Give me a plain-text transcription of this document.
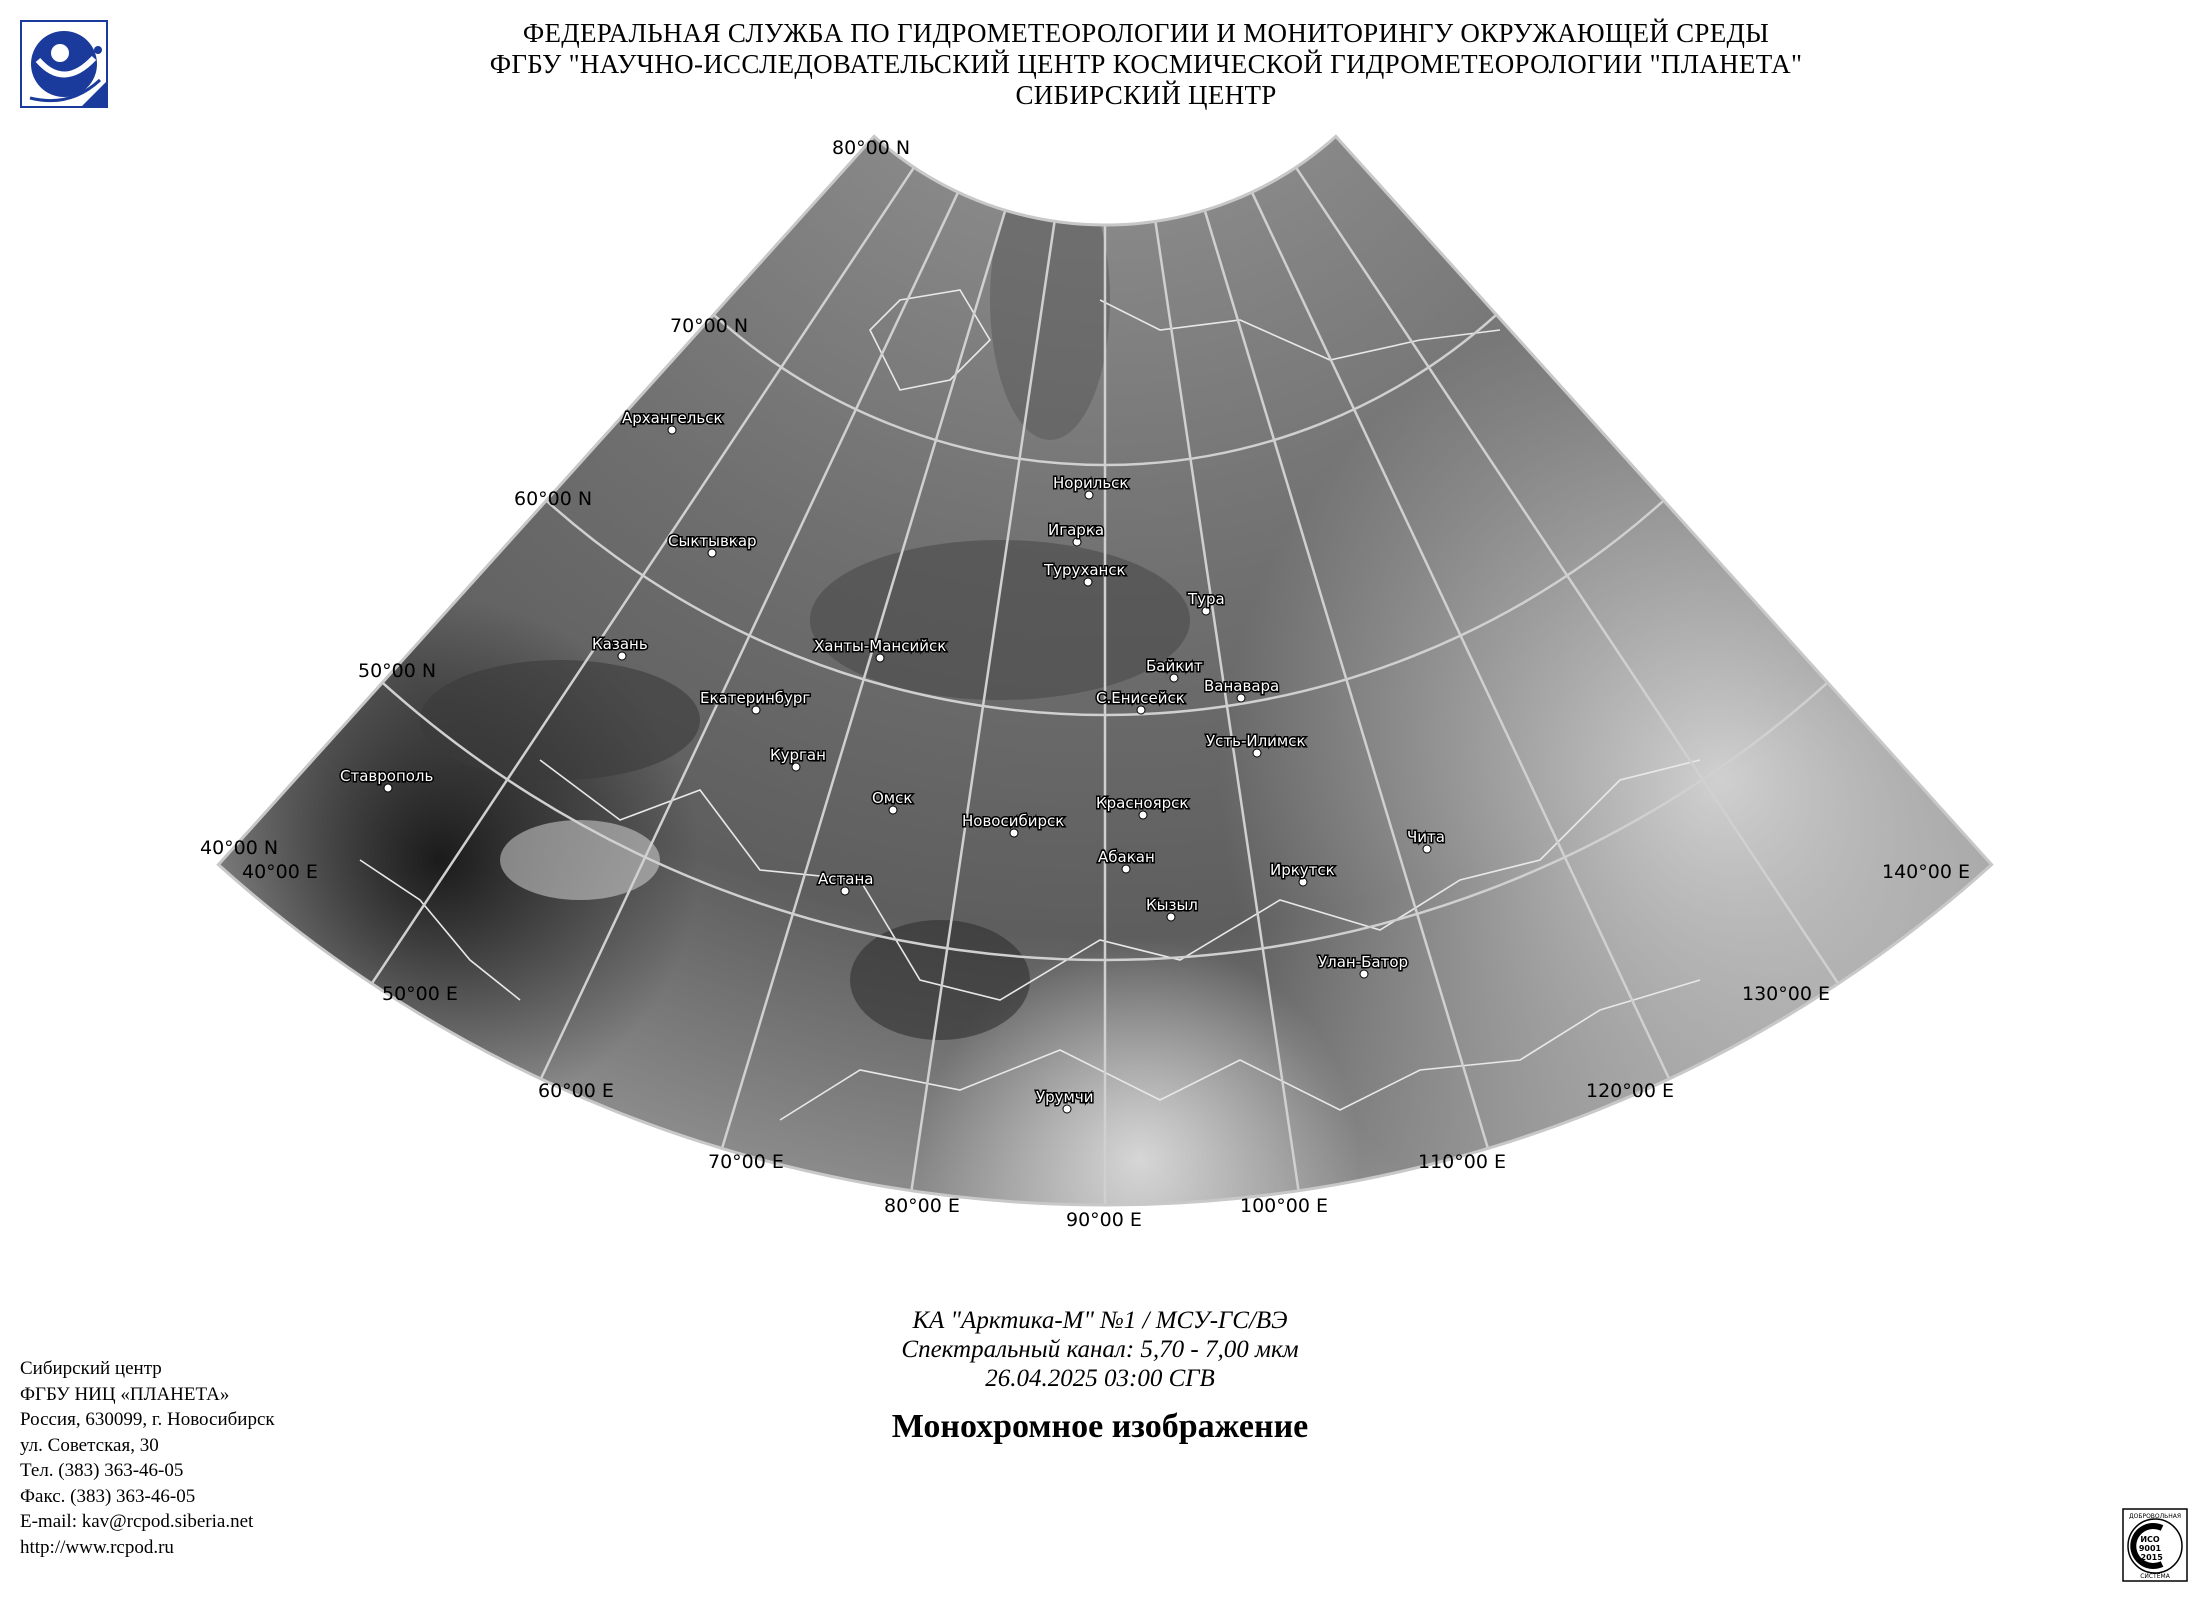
ФЕДЕРАЛЬНАЯ СЛУЖБА ПО ГИДРОМЕТЕОРОЛОГИИ И МОНИТОРИНГУ ОКРУЖАЮЩЕЙ СРЕДЫ
ФГБУ "НАУЧНО-ИССЛЕДОВАТЕЛЬСКИЙ ЦЕНТР КОСМИЧЕСКОЙ ГИДРОМЕТЕОРОЛОГИИ "ПЛАНЕТА"
СИБИРСКИЙ ЦЕНТР
80°00 N
70°00 N
60°00 N
50°00 N
40°00 N
40°00 E
50°00 E
60°00 E
70°00 E
80°00 E
90°00 E
100°00 E
110°00 E
120°00 E
130°00 E
140°00 E
Архангельск
Сыктывкар
Казань
Ставрополь
Екатеринбург
Ханты-Мансийск
Курган
Омск
Астана
Новосибирск
Норильск
Игарка
Туруханск
Тура
Байкит
Ванавара
С.Енисейск
Усть-Илимск
Красноярск
Абакан
Кызыл
Иркутск
Чита
Улан-Батор
Урумчи
КА "Арктика-М" №1 / МСУ-ГС/ВЭ
Спектральный канал: 5,70 - 7,00 мкм
26.04.2025 03:00 СГВ
Монохромное изображение
Сибирский центр
ФГБУ НИЦ «ПЛАНЕТА»
Россия, 630099, г. Новосибирск
ул. Советская, 30
Тел. (383) 363-46-05
Факс. (383) 363-46-05
E-mail: kav@rcpod.siberia.net
http://www.rcpod.ru
ДОБРОВОЛЬНАЯ
ИСО
9001
-2015
СИСТЕМА
